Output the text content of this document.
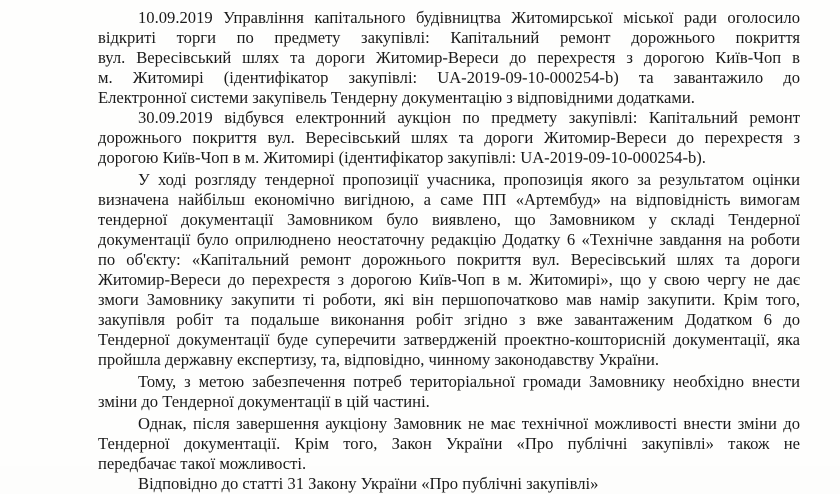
10.09.2019 Управління капітального будівництва Житомирської міської ради оголосило
відкриті торги по предмету закупівлі: Капітальний ремонт дорожнього покриття
вул. Вересівський шлях та дороги Житомир-Вереси до перехрестя з дорогою Київ-Чоп в
м. Житомирі (ідентифікатор закупівлі: UA-2019-09-10-000254-b) та завантажило до
Електронної системи закупівель Тендерну документацію з відповідними додатками.
30.09.2019 відбувся електронний аукціон по предмету закупівлі: Капітальний ремонт
дорожнього покриття вул. Вересівський шлях та дороги Житомир-Вереси до перехрестя з
дорогою Київ-Чоп в м. Житомирі (ідентифікатор закупівлі: UA-2019-09-10-000254-b).
У ході розгляду тендерної пропозиції учасника, пропозиція якого за результатом оцінки
визначена найбільш економічно вигідною, а саме ПП «Артембуд» на відповідність вимогам
тендерної документації Замовником було виявлено, що Замовником у складі Тендерної
документації було оприлюднено неостаточну редакцію Додатку 6 «Технічне завдання на роботи
по об'єкту: «Капітальний ремонт дорожнього покриття вул. Вересівський шлях та дороги
Житомир-Вереси до перехрестя з дорогою Київ-Чоп в м. Житомирі», що у свою чергу не дає
змоги Замовнику закупити ті роботи, які він першопочатково мав намір закупити. Крім того,
закупівля робіт та подальше виконання робіт згідно з вже завантаженим Додатком 6 до
Тендерної документації буде суперечити затвердженій проектно-кошторисній документації, яка
пройшла державну експертизу, та, відповідно, чинному законодавству України.
Тому, з метою забезпечення потреб територіальної громади Замовнику необхідно внести
зміни до Тендерної документації в цій частині.
Однак, після завершення аукціону Замовник не має технічної можливості внести зміни до
Тендерної документації. Крім того, Закон України «Про публічні закупівлі» також не
передбачає такої можливості.
Відповідно до статті 31 Закону України «Про публічні закупівлі»
